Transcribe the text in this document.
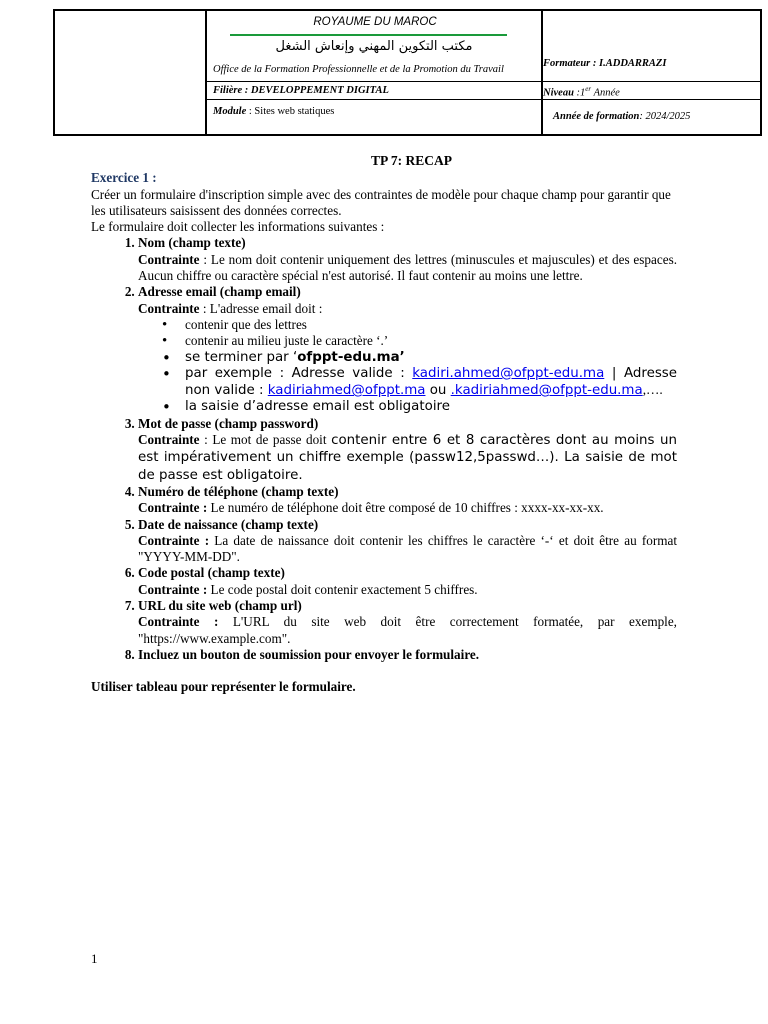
ROYAUME DU MAROC
مكتب التكوين المهني وإنعاش الشغل
Office de la Formation Professionnelle et de la Promotion du Travail
Formateur : I.ADDARRAZI
Filière : DEVELOPPEMENT DIGITAL	Niveau :1er Année
Module : Sites web statiques	Année de formation: 2024/2025
TP 7: RECAP
Exercice 1 :
Créer un formulaire d'inscription simple avec des contraintes de modèle pour chaque champ pour garantir que les utilisateurs saisissent des données correctes.
Le formulaire doit collecter les informations suivantes :
1. Nom (champ texte)
Contrainte : Le nom doit contenir uniquement des lettres (minuscules et majuscules) et des espaces. Aucun chiffre ou caractère spécial n'est autorisé. Il faut contenir au moins une lettre.
2. Adresse email (champ email)
Contrainte : L'adresse email doit :
• contenir que des lettres
• contenir au milieu juste le caractère ‘.’
• se terminer par ‘ofppt-edu.ma’
• par exemple : Adresse valide : kadiri.ahmed@ofppt-edu.ma | Adresse non valide : kadiriahmed@ofppt.ma ou .kadiriahmed@ofppt-edu.ma,….
• la saisie d’adresse email est obligatoire
3. Mot de passe (champ password)
Contrainte : Le mot de passe doit contenir entre 6 et 8 caractères dont au moins un est impérativement un chiffre exemple (passw12,5passwd…). La saisie de mot de passe est obligatoire.
4. Numéro de téléphone (champ texte)
Contrainte : Le numéro de téléphone doit être composé de 10 chiffres : xxxx-xx-xx-xx.
5. Date de naissance (champ texte)
Contrainte : La date de naissance doit contenir les chiffres le caractère ‘-‘ et doit être au format "YYYY-MM-DD".
6. Code postal (champ texte)
Contrainte : Le code postal doit contenir exactement 5 chiffres.
7. URL du site web (champ url)
Contrainte : L'URL du site web doit être correctement formatée, par exemple, "https://www.example.com".
8. Incluez un bouton de soumission pour envoyer le formulaire.
Utiliser tableau pour représenter le formulaire.
1
